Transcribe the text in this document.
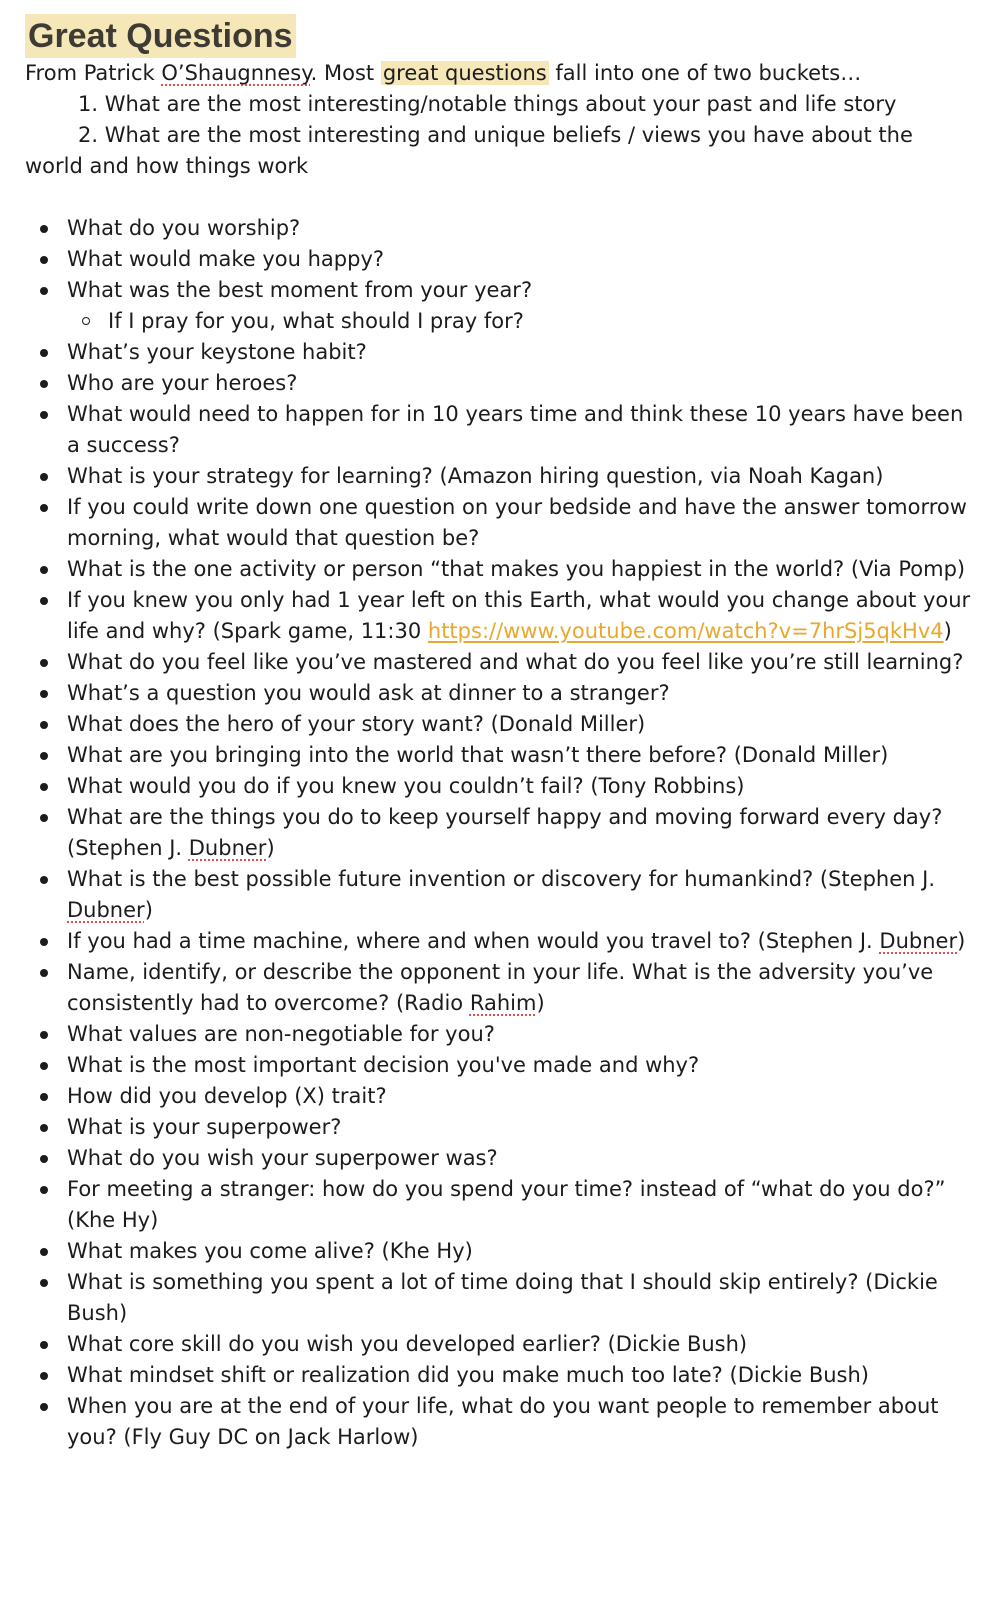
Great Questions

From Patrick O’Shaugnnesy. Most great questions fall into one of two buckets…

1. What are the most interesting/notable things about your past and life story

2. What are the most interesting and unique beliefs / views you have about the
world and how things work

What do you worship?
What would make you happy?
What was the best moment from your year?
If I pray for you, what should I pray for?
What’s your keystone habit?
Who are your heroes?
What would need to happen for in 10 years time and think these 10 years have been a success?
What is your strategy for learning? (Amazon hiring question, via Noah Kagan)
If you could write down one question on your bedside and have the answer tomorrow morning, what would that question be?
What is the one activity or person “that makes you happiest in the world? (Via Pomp)
If you knew you only had 1 year left on this Earth, what would you change about your life and why? (Spark game, 11:30 https://www.youtube.com/watch?v=7hrSj5qkHv4)
What do you feel like you’ve mastered and what do you feel like you’re still learning?
What’s a question you would ask at dinner to a stranger?
What does the hero of your story want? (Donald Miller)
What are you bringing into the world that wasn’t there before? (Donald Miller)
What would you do if you knew you couldn’t fail? (Tony Robbins)
What are the things you do to keep yourself happy and moving forward every day? (Stephen J. Dubner)
What is the best possible future invention or discovery for humankind? (Stephen J. Dubner)
If you had a time machine, where and when would you travel to? (Stephen J. Dubner)
Name, identify, or describe the opponent in your life. What is the adversity you’ve consistently had to overcome? (Radio Rahim)
What values are non-negotiable for you?
What is the most important decision you've made and why?
How did you develop (X) trait?
What is your superpower?
What do you wish your superpower was?
For meeting a stranger: how do you spend your time? instead of “what do you do?” (Khe Hy)
What makes you come alive? (Khe Hy)
What is something you spent a lot of time doing that I should skip entirely? (Dickie Bush)
What core skill do you wish you developed earlier? (Dickie Bush)
What mindset shift or realization did you make much too late? (Dickie Bush)
When you are at the end of your life, what do you want people to remember about you? (Fly Guy DC on Jack Harlow)
